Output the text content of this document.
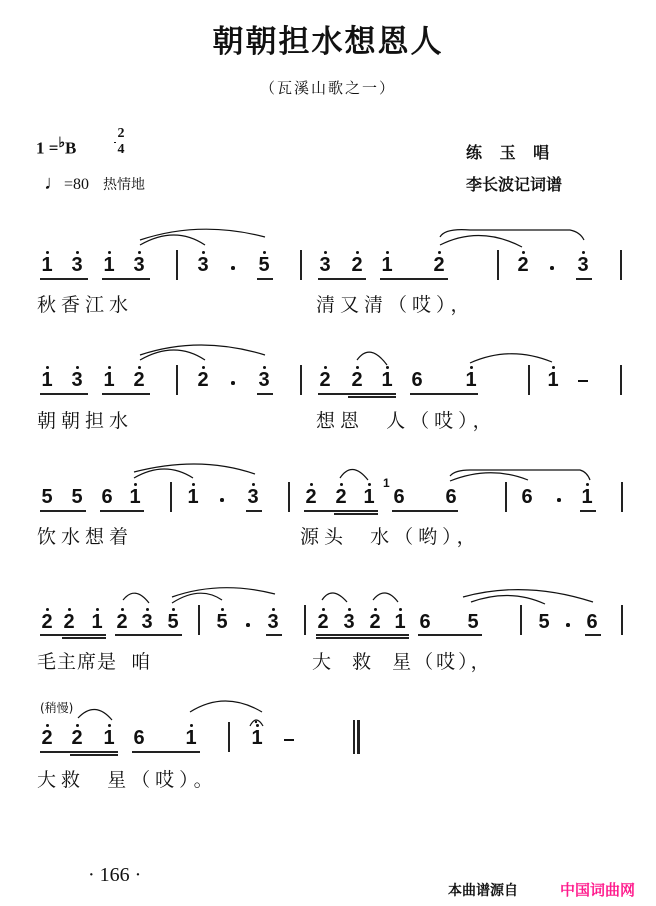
朝朝担水想恩人
（瓦溪山歌之一）
1 =♭B
2
4
♩=80 热情地
练 玉 唱
李长波记词谱
1 3 1 3	3 5 3 2 1 2	2 3
秋香江水	清又清（哎），
1 3 1 2	2 3 2 2 1 6 1	1
朝朝担水	想恩  人（哎），
5 5 6 1 1 3 2 2 1
1
6 6	6 1
饮水想着	源头  水（哟），
2 2 1 2 3 5 5 3 2 3 2 1 6 5	5 6
毛主席是  咱	大  救  星（哎），
(稍慢)
2 2 1 6 1	1
大救  星（哎）。
· 166 ·
本曲谱源自	中国词曲网
